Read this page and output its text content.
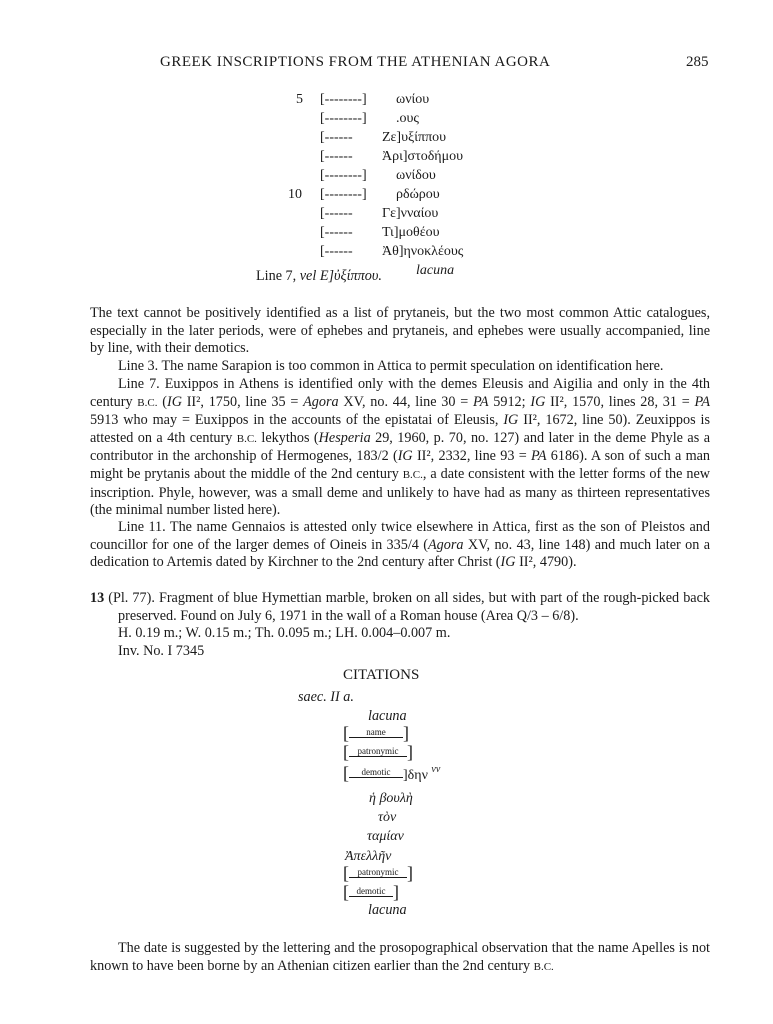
GREEK INSCRIPTIONS FROM THE ATHENIAN AGORA	285
5 [--------] ωνίου
[--------] .ους
[------ Ζε]υξίππου
[------ Ἀρι]στοδήμου
[--------] ωνίδου
10 [--------] ρδώρου
[------ Γε]νναίου
[------ Τι]μοθέου
[------ Ἀθ]ηνοκλέους
lacuna
Line 7, vel E]ὐξίππου.
The text cannot be positively identified as a list of prytaneis, but the two most common Attic catalogues, especially in the later periods, were of ephebes and prytaneis, and ephebes were usually accompanied, line by line, with their demotics.
Line 3. The name Sarapion is too common in Attica to permit speculation on identification here.
Line 7. Euxippos in Athens is identified only with the demes Eleusis and Aigilia and only in the 4th century B.C. (IG II², 1750, line 35 = Agora XV, no. 44, line 30 = PA 5912; IG II², 1570, lines 28, 31 = PA 5913 who may = Euxippos in the accounts of the epistatai of Eleusis, IG II², 1672, line 50). Zeuxippos is attested on a 4th century B.C. lekythos (Hesperia 29, 1960, p. 70, no. 127) and later in the deme Phyle as a contributor in the archonship of Hermogenes, 183/2 (IG II², 2332, line 93 = PA 6186). A son of such a man might be prytanis about the middle of the 2nd century B.C., a date consistent with the letter forms of the new inscription. Phyle, however, was a small deme and unlikely to have had as many as thirteen representatives (the minimal number listed here).
Line 11. The name Gennaios is attested only twice elsewhere in Attica, first as the son of Pleistos and councillor for one of the larger demes of Oineis in 335/4 (Agora XV, no. 43, line 148) and much later on a dedication to Artemis dated by Kirchner to the 2nd century after Christ (IG II², 4790).
13 (Pl. 77). Fragment of blue Hymettian marble, broken on all sides, but with part of the rough-picked back preserved. Found on July 6, 1971 in the wall of a Roman house (Area Q/3 – 6/8).
H. 0.19 m.; W. 0.15 m.; Th. 0.095 m.; LH. 0.004–0.007 m.
Inv. No. I 7345
CITATIONS
saec. II a.
lacuna
[	name ]
[ patronymic ]
[	demotic ]δην $^{vv}$
ἡ βουλὴ
τὸν
ταμίαν
Ἀπελλῆν
[ patronymic ]
[ demotic ]
lacuna
The date is suggested by the lettering and the prosopographical observation that the name Apelles is not known to have been borne by an Athenian citizen earlier than the 2nd century B.C.
